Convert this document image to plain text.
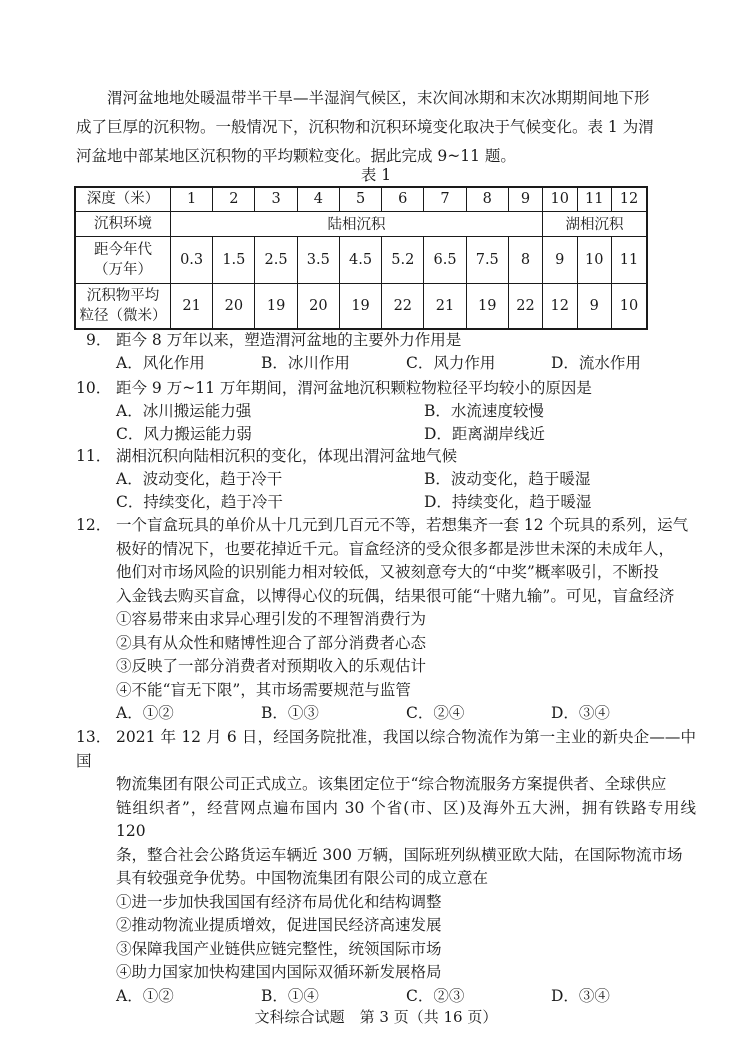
渭河盆地地处暖温带半干旱—半湿润气候区，末次间冰期和末次冰期期间地下形

成了巨厚的沉积物。一般情况下，沉积物和沉积环境变化取决于气候变化。表 1 为渭

河盆地中部某地区沉积物的平均颗粒变化。据此完成 9~11 题。

表 1
深度（米）	1	2	3	4	5	6	7	8	9	10	11	12
沉积环境	陆相沉积									湖相沉积		

距今年代
（万年）	0.3	1.5	2.5	3.5	4.5	5.2	6.5	7.5	8	9	10	11

沉积物平均
粒径（微米）	21	20	19	20	19	22	21	19	22	12	9	10

9． 距今 8 万年以来，塑造渭河盆地的主要外力作用是

A．风化作用	B．冰川作用	C．风力作用	D．流水作用

10． 距今 9 万~11 万年期间，渭河盆地沉积颗粒物粒径平均较小的原因是

A．冰川搬运能力强	B．水流速度较慢
C．风力搬运能力弱	D．距离湖岸线近

11． 湖相沉积向陆相沉积的变化，体现出渭河盆地气候

A．波动变化，趋于冷干	B．波动变化，趋于暖湿
C．持续变化，趋于冷干	D．持续变化，趋于暖湿

12． 一个盲盒玩具的单价从十几元到几百元不等，若想集齐一套 12 个玩具的系列，运气

极好的情况下，也要花掉近千元。盲盒经济的受众很多都是涉世未深的未成年人，

他们对市场风险的识别能力相对较低，又被刻意夸大的“中奖”概率吸引，不断投

入金钱去购买盲盒，以博得心仪的玩偶，结果很可能“十赌九输”。可见，盲盒经济

①容易带来由求异心理引发的不理智消费行为

②具有从众性和赌博性迎合了部分消费者心态

③反映了一部分消费者对预期收入的乐观估计

④不能“盲无下限”，其市场需要规范与监管

A．①②	B．①③	C．②④	D．③④

13． 2021 年 12 月 6 日，经国务院批准，我国以综合物流作为第一主业的新央企——中国

物流集团有限公司正式成立。该集团定位于“综合物流服务方案提供者、全球供应

链组织者”，经营网点遍布国内 30 个省(市、区)及海外五大洲，拥有铁路专用线 120

条，整合社会公路货运车辆近 300 万辆，国际班列纵横亚欧大陆，在国际物流市场

具有较强竞争优势。中国物流集团有限公司的成立意在

①进一步加快我国国有经济布局优化和结构调整

②推动物流业提质增效，促进国民经济高速发展

③保障我国产业链供应链完整性，统领国际市场

④助力国家加快构建国内国际双循环新发展格局

A．①②	B．①④	C．②③	D．③④
文科综合试题　第 3 页（共 16 页）
